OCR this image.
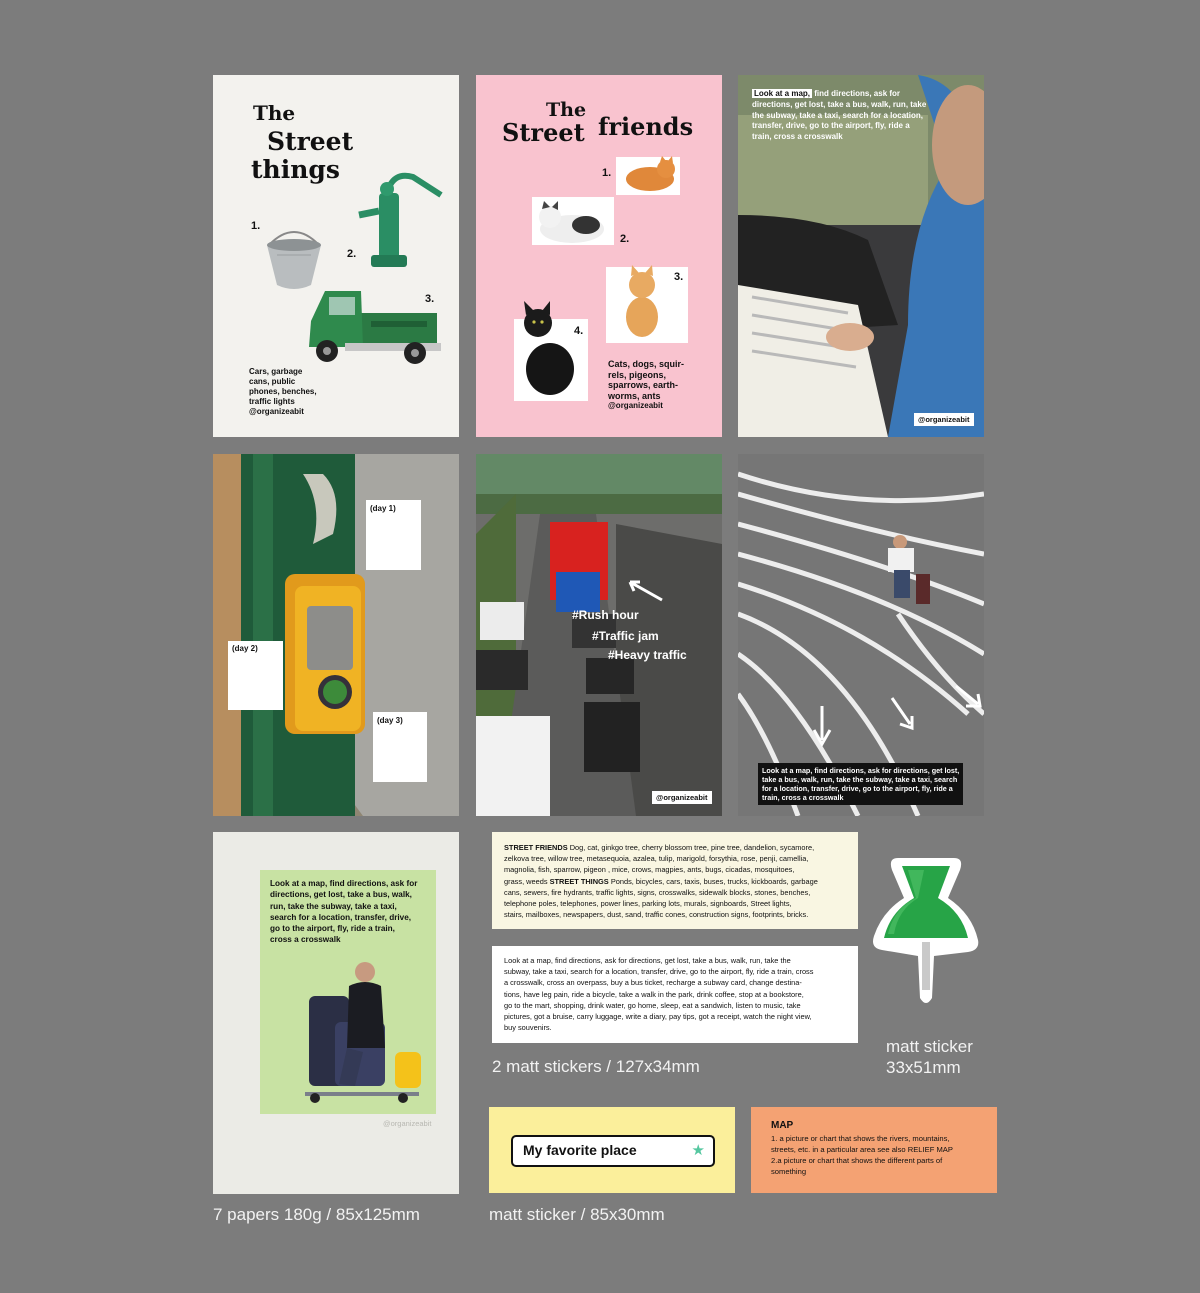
The
Street
things
1.
2.
3.
Cars, garbage
cans, public
phones, benches,
traffic lights
@organizeabit
The
Street friends
1.
2.
3.
4.
Cats, dogs, squir-
rels, pigeons,
sparrows, earth-
worms, ants
@organizeabit
Look at a map, find directions, ask for
directions, get lost, take a bus, walk, run, take
the subway, take a taxi, search for a location,
transfer, drive, go to the airport, fly, ride a
train, cross a crosswalk
@organizeabit
(day 1)
(day 2)
(day 3)
#Rush hour
#Traffic jam
#Heavy traffic
@organizeabit
Look at a map, find directions, ask for directions, get lost,
take a bus, walk, run, take the subway, take a taxi, search
for a location, transfer, drive, go to the airport, fly, ride a
train, cross a crosswalk
Look at a map, find directions, ask for
directions, get lost, take a bus, walk,
run, take the subway, take a taxi,
search for a location, transfer, drive,
go to the airport, fly, ride a train,
cross a crosswalk
@organizeabit
STREET FRIENDS Dog, cat, ginkgo tree, cherry blossom tree, pine tree, dandelion, sycamore,
zelkova tree, willow tree, metasequoia, azalea, tulip, marigold, forsythia, rose, penji, camellia,
magnolia, fish, sparrow, pigeon , mice, crows, magpies, ants, bugs, cicadas, mosquitoes,
grass, weeds STREET THINGS Ponds, bicycles, cars, taxis, buses, trucks, kickboards, garbage
cans, sewers, fire hydrants, traffic lights, signs, crosswalks, sidewalk blocks, stones, benches,
telephone poles, telephones, power lines, parking lots, murals, signboards, Street lights,
stairs, mailboxes, newspapers, dust, sand, traffic cones, construction signs, footprints, bricks.
Look at a map, find directions, ask for directions, get lost, take a bus, walk, run, take the
subway, take a taxi, search for a location, transfer, drive, go to the airport, fly, ride a train, cross
a crosswalk, cross an overpass, buy a bus ticket, recharge a subway card, change destina-
tions, have leg pain, ride a bicycle, take a walk in the park, drink coffee, stop at a bookstore,
go to the mart, shopping, drink water, go home, sleep, eat a sandwich, listen to music, take
pictures, got a bruise, carry luggage, write a diary, pay tips, got a receipt, watch the night view,
buy souvenirs.
My favorite place	★
MAP
1. a picture or chart that shows the rivers, mountains,
streets, etc. in a particular area see also RELIEF MAP
2.a picture or chart that shows the different parts of
something
7 papers 180g / 85x125mm
2 matt stickers / 127x34mm
matt sticker
33x51mm
matt sticker / 85x30mm
